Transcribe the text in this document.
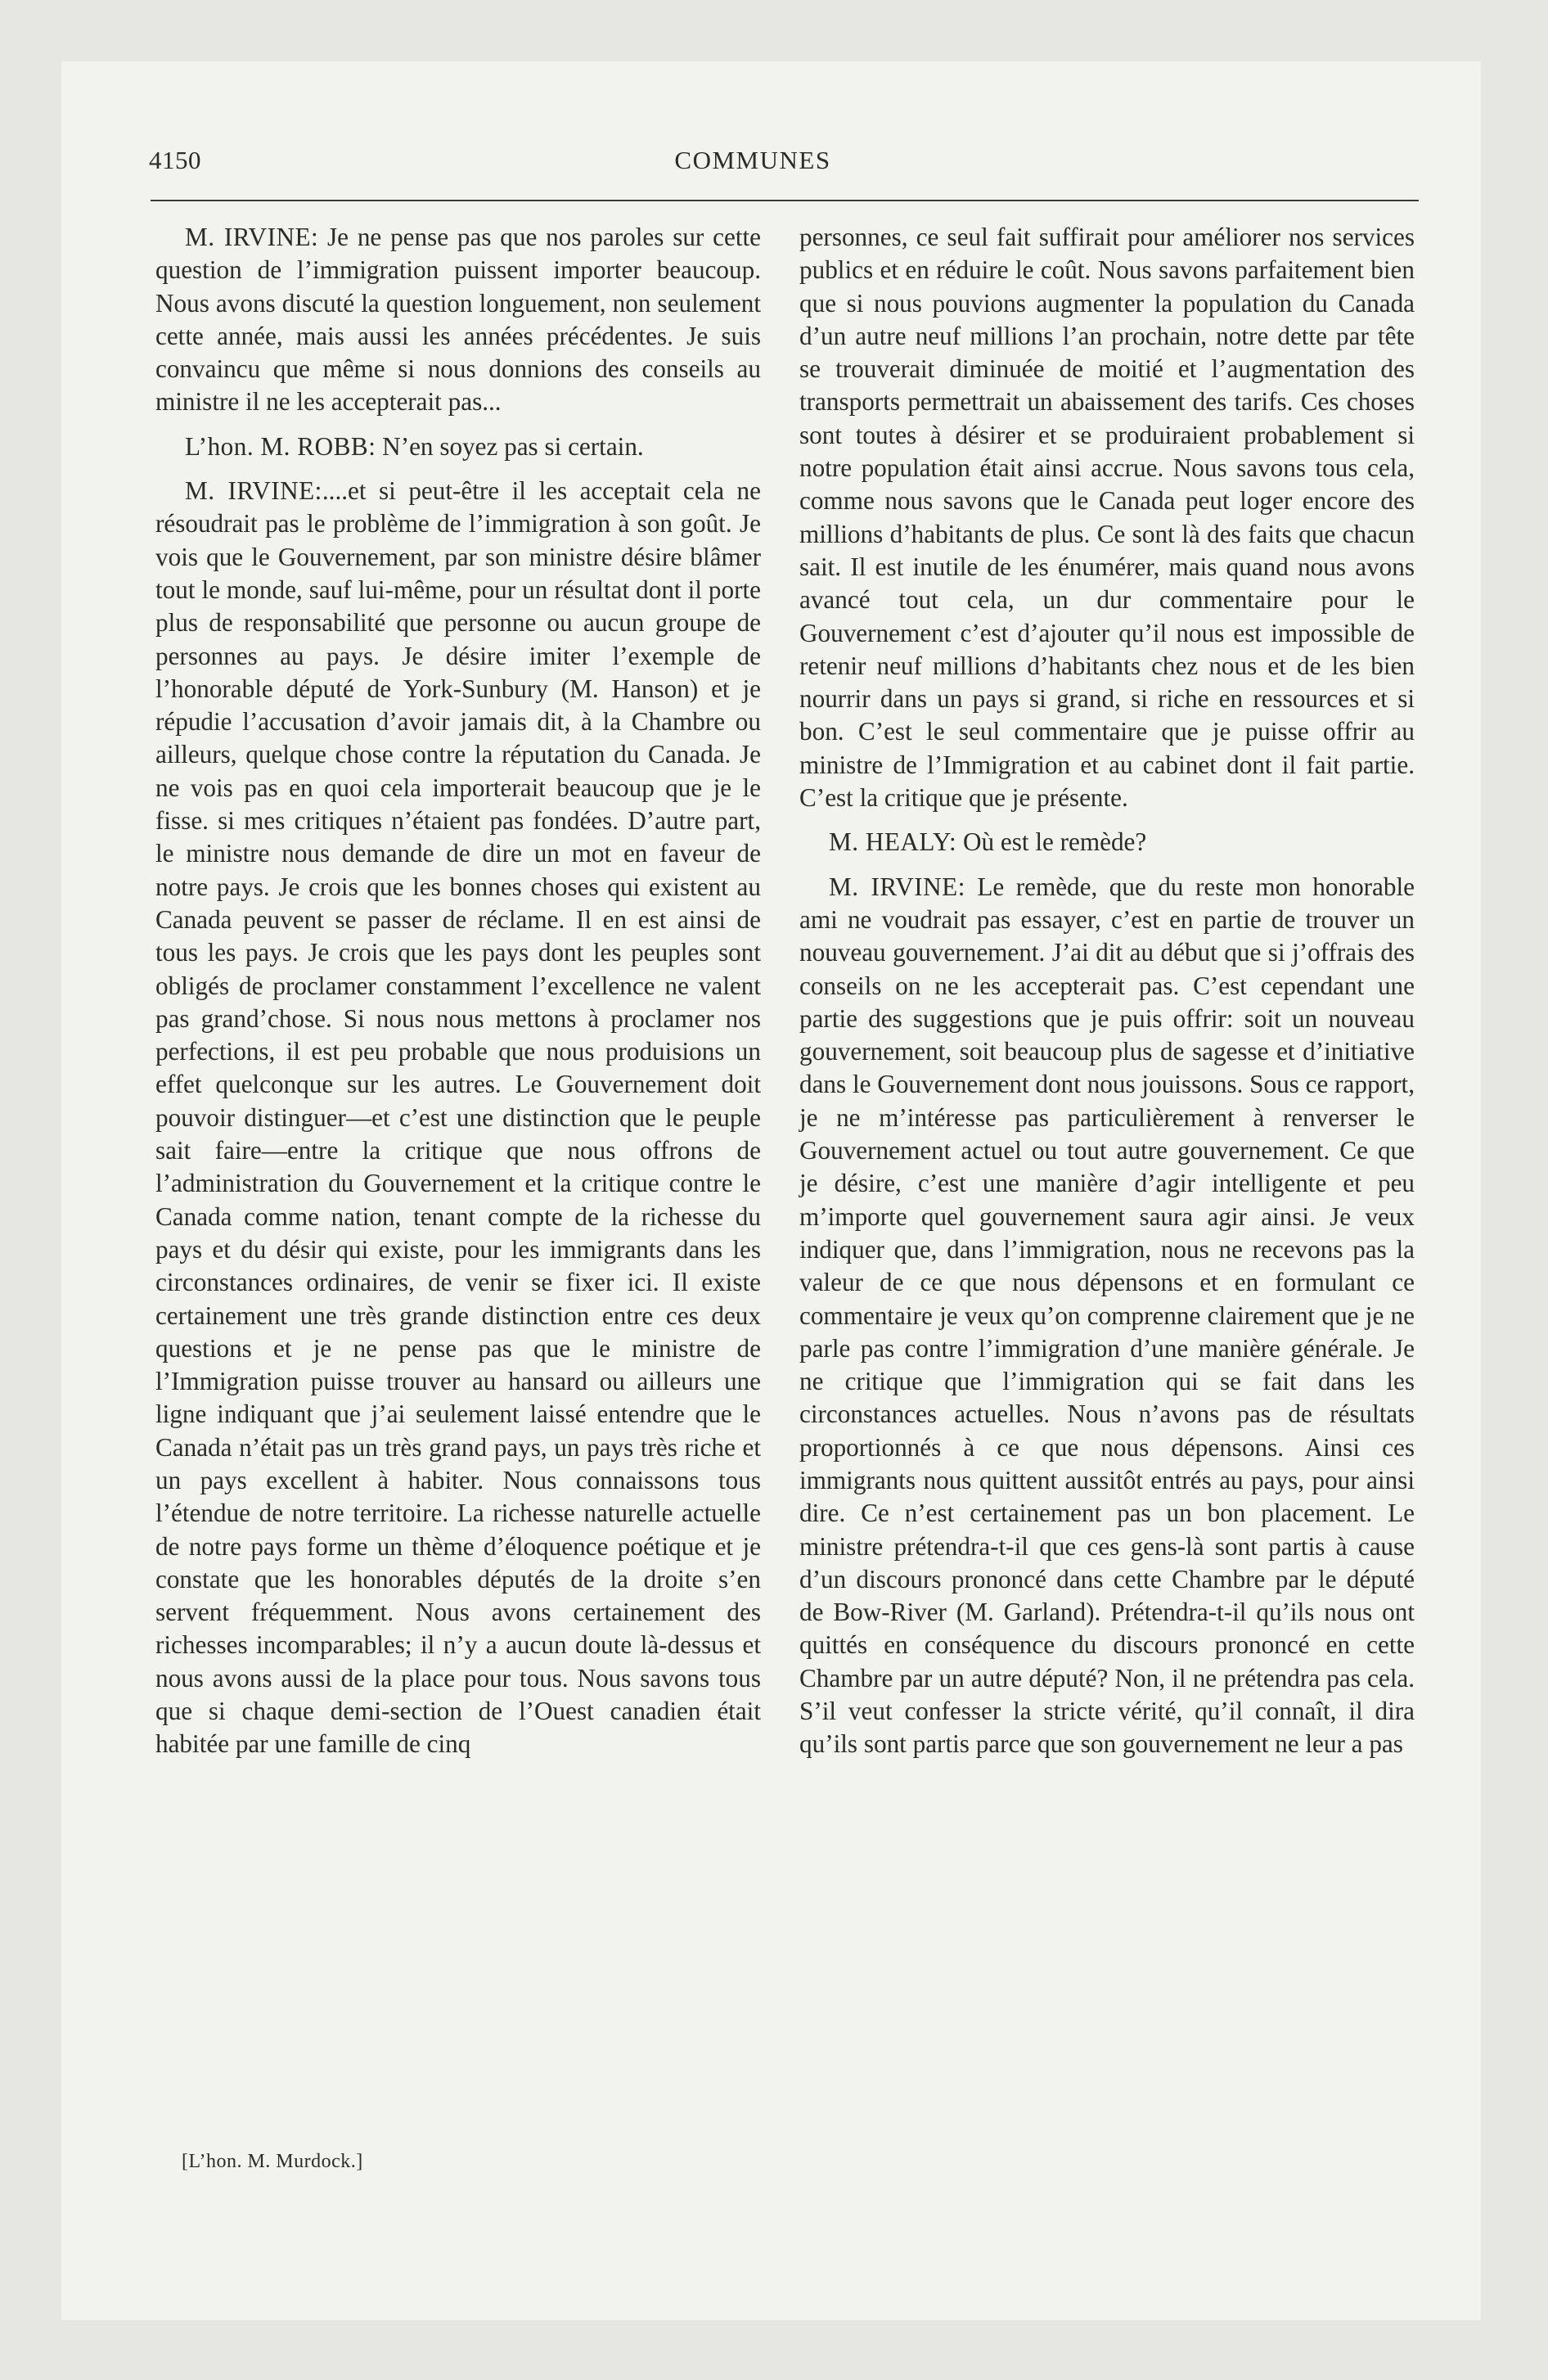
4150	COMMUNES

M. IRVINE: Je ne pense pas que nos paroles sur cette question de l’immigration puissent importer beaucoup. Nous avons discuté la question longuement, non seulement cette année, mais aussi les années précédentes. Je suis convaincu que même si nous donnions des conseils au ministre il ne les accepterait pas...

L’hon. M. ROBB: N’en soyez pas si certain.

M. IRVINE:....et si peut-être il les acceptait cela ne résoudrait pas le problème de l’immigration à son goût. Je vois que le Gouvernement, par son ministre désire blâmer tout le monde, sauf lui-même, pour un résultat dont il porte plus de responsabilité que personne ou aucun groupe de personnes au pays. Je désire imiter l’exemple de l’honorable député de York-Sunbury (M. Hanson) et je répudie l’accusation d’avoir jamais dit, à la Chambre ou ailleurs, quelque chose contre la réputation du Canada. Je ne vois pas en quoi cela importerait beaucoup que je le fisse. si mes critiques n’étaient pas fondées. D’autre part, le ministre nous demande de dire un mot en faveur de notre pays. Je crois que les bonnes choses qui existent au Canada peuvent se passer de réclame. Il en est ainsi de tous les pays. Je crois que les pays dont les peuples sont obligés de proclamer constamment l’excellence ne valent pas grand’chose. Si nous nous mettons à proclamer nos perfections, il est peu probable que nous produisions un effet quelconque sur les autres. Le Gouvernement doit pouvoir distinguer—et c’est une distinction que le peuple sait faire—entre la critique que nous offrons de l’administration du Gouvernement et la critique contre le Canada comme nation, tenant compte de la richesse du pays et du désir qui existe, pour les immigrants dans les circonstances ordinaires, de venir se fixer ici. Il existe certainement une très grande distinction entre ces deux questions et je ne pense pas que le ministre de l’Immigration puisse trouver au hansard ou ailleurs une ligne indiquant que j’ai seulement laissé entendre que le Canada n’était pas un très grand pays, un pays très riche et un pays excellent à habiter. Nous connaissons tous l’étendue de notre territoire. La richesse naturelle actuelle de notre pays forme un thème d’éloquence poétique et je constate que les honorables députés de la droite s’en servent fréquemment. Nous avons certainement des richesses incomparables; il n’y a aucun doute là-dessus et nous avons aussi de la place pour tous. Nous savons tous que si chaque demi-section de l’Ouest canadien était habitée par une famille de cinq

personnes, ce seul fait suffirait pour améliorer nos services publics et en réduire le coût. Nous savons parfaitement bien que si nous pouvions augmenter la population du Canada d’un autre neuf millions l’an prochain, notre dette par tête se trouverait diminuée de moitié et l’augmentation des transports permettrait un abaissement des tarifs. Ces choses sont toutes à désirer et se produiraient probablement si notre population était ainsi accrue. Nous savons tous cela, comme nous savons que le Canada peut loger encore des millions d’habitants de plus. Ce sont là des faits que chacun sait. Il est inutile de les énumérer, mais quand nous avons avancé tout cela, un dur commentaire pour le Gouvernement c’est d’ajouter qu’il nous est impossible de retenir neuf millions d’habitants chez nous et de les bien nourrir dans un pays si grand, si riche en ressources et si bon. C’est le seul commentaire que je puisse offrir au ministre de l’Immigration et au cabinet dont il fait partie. C’est la critique que je présente.

M. HEALY: Où est le remède?

M. IRVINE: Le remède, que du reste mon honorable ami ne voudrait pas essayer, c’est en partie de trouver un nouveau gouvernement. J’ai dit au début que si j’offrais des conseils on ne les accepterait pas. C’est cependant une partie des suggestions que je puis offrir: soit un nouveau gouvernement, soit beaucoup plus de sagesse et d’initiative dans le Gouvernement dont nous jouissons. Sous ce rapport, je ne m’intéresse pas particulièrement à renverser le Gouvernement actuel ou tout autre gouvernement. Ce que je désire, c’est une manière d’agir intelligente et peu m’importe quel gouvernement saura agir ainsi. Je veux indiquer que, dans l’immigration, nous ne recevons pas la valeur de ce que nous dépensons et en formulant ce commentaire je veux qu’on comprenne clairement que je ne parle pas contre l’immigration d’une manière générale. Je ne critique que l’immigration qui se fait dans les circonstances actuelles. Nous n’avons pas de résultats proportionnés à ce que nous dépensons. Ainsi ces immigrants nous quittent aussitôt entrés au pays, pour ainsi dire. Ce n’est certainement pas un bon placement. Le ministre prétendra-t-il que ces gens-là sont partis à cause d’un discours prononcé dans cette Chambre par le député de Bow-River (M. Garland). Prétendra-t-il qu’ils nous ont quittés en conséquence du discours prononcé en cette Chambre par un autre député? Non, il ne prétendra pas cela. S’il veut confesser la stricte vérité, qu’il connaît, il dira qu’ils sont partis parce que son gouvernement ne leur a pas

[L’hon. M. Murdock.]
